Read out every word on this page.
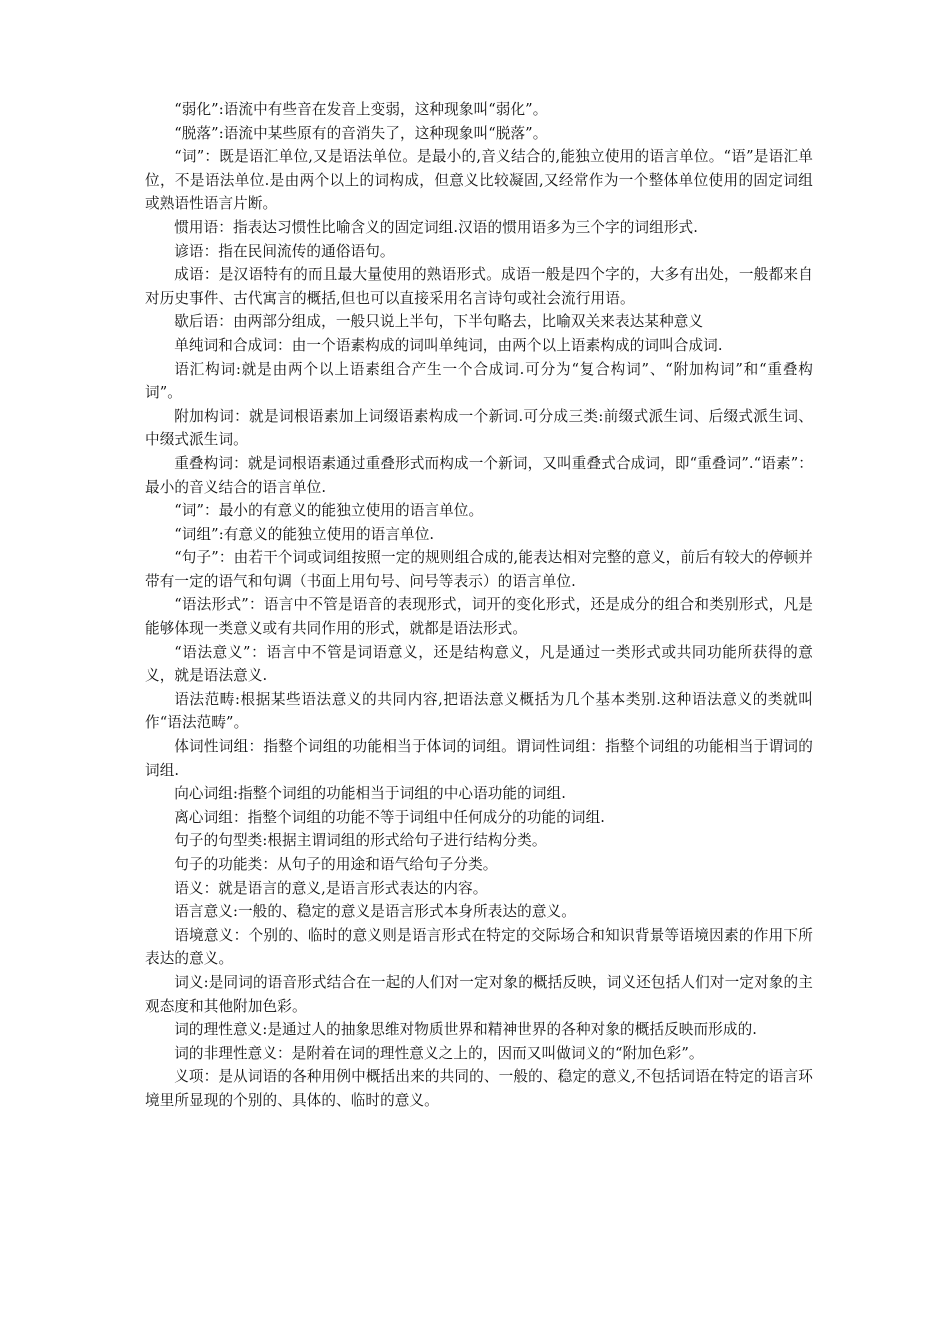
“弱化”:语流中有些音在发音上变弱，这种现象叫“弱化”。

“脱落”:语流中某些原有的音消失了，这种现象叫“脱落”。

“词”：既是语汇单位,又是语法单位。是最小的,音义结合的,能独立使用的语言单位。“语”是语汇单位，不是语法单位.是由两个以上的词构成，但意义比较凝固,又经常作为一个整体单位使用的固定词组或熟语性语言片断。

惯用语：指表达习惯性比喻含义的固定词组.汉语的惯用语多为三个字的词组形式.

谚语：指在民间流传的通俗语句。

成语：是汉语特有的而且最大量使用的熟语形式。成语一般是四个字的，大多有出处，一般都来自对历史事件、古代寓言的概括,但也可以直接采用名言诗句或社会流行用语。

歇后语：由两部分组成，一般只说上半句，下半句略去，比喻双关来表达某种意义

单纯词和合成词：由一个语素构成的词叫单纯词，由两个以上语素构成的词叫合成词.

语汇构词:就是由两个以上语素组合产生一个合成词.可分为“复合构词”、“附加构词”和“重叠构词”。

附加构词：就是词根语素加上词缀语素构成一个新词.可分成三类:前缀式派生词、后缀式派生词、中缀式派生词。

重叠构词：就是词根语素通过重叠形式而构成一个新词，又叫重叠式合成词，即“重叠词”.“语素”：最小的音义结合的语言单位.

“词”：最小的有意义的能独立使用的语言单位。

“词组”:有意义的能独立使用的语言单位.

“句子”：由若干个词或词组按照一定的规则组合成的,能表达相对完整的意义，前后有较大的停顿并带有一定的语气和句调（书面上用句号、问号等表示）的语言单位.

“语法形式”：语言中不管是语音的表现形式，词开的变化形式，还是成分的组合和类别形式，凡是能够体现一类意义或有共同作用的形式，就都是语法形式。

“语法意义”：语言中不管是词语意义，还是结构意义，凡是通过一类形式或共同功能所获得的意义，就是语法意义.

语法范畴:根据某些语法意义的共同内容,把语法意义概括为几个基本类别.这种语法意义的类就叫作“语法范畴”。

体词性词组：指整个词组的功能相当于体词的词组。谓词性词组：指整个词组的功能相当于谓词的词组.

向心词组:指整个词组的功能相当于词组的中心语功能的词组.

离心词组：指整个词组的功能不等于词组中任何成分的功能的词组.

句子的句型类:根据主谓词组的形式给句子进行结构分类。

句子的功能类：从句子的用途和语气给句子分类。

语义：就是语言的意义,是语言形式表达的内容。

语言意义:一般的、稳定的意义是语言形式本身所表达的意义。

语境意义：个别的、临时的意义则是语言形式在特定的交际场合和知识背景等语境因素的作用下所表达的意义。

词义:是同词的语音形式结合在一起的人们对一定对象的概括反映，词义还包括人们对一定对象的主观态度和其他附加色彩。

词的理性意义:是通过人的抽象思维对物质世界和精神世界的各种对象的概括反映而形成的.

词的非理性意义：是附着在词的理性意义之上的，因而又叫做词义的“附加色彩”。

义项：是从词语的各种用例中概括出来的共同的、一般的、稳定的意义,不包括词语在特定的语言环境里所显现的个别的、具体的、临时的意义。
